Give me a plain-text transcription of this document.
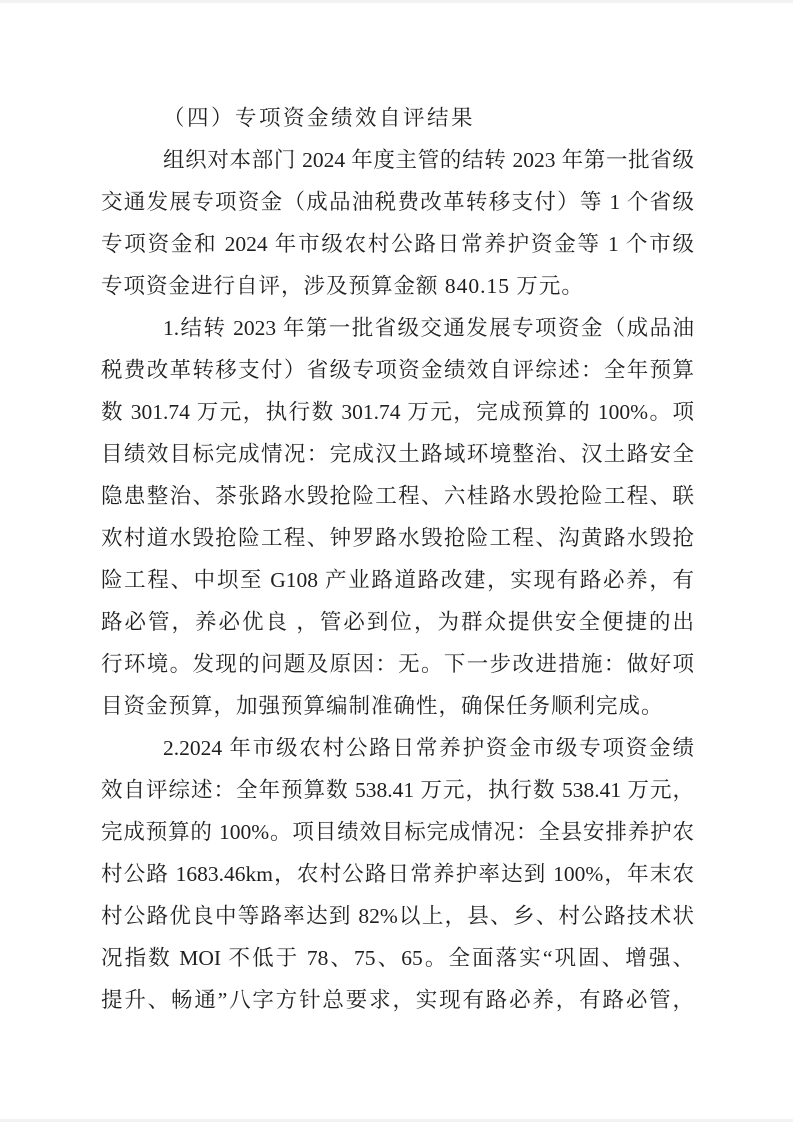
（四）专项资金绩效自评结果
组织对本部门 2024 年度主管的结转 2023 年第一批省级
交通发展专项资金（成品油税费改革转移支付）等 1 个省级
专项资金和 2024 年市级农村公路日常养护资金等 1 个市级
专项资金进行自评，涉及预算金额 840.15 万元。
1.结转 2023 年第一批省级交通发展专项资金（成品油
税费改革转移支付）省级专项资金绩效自评综述：全年预算
数 301.74 万元，执行数 301.74 万元，完成预算的 100%。项
目绩效目标完成情况：完成汉土路域环境整治、汉土路安全
隐患整治、茶张路水毁抢险工程、六桂路水毁抢险工程、联
欢村道水毁抢险工程、钟罗路水毁抢险工程、沟黄路水毁抢
险工程、中坝至 G108 产业路道路改建，实现有路必养，有
路必管，养必优良 ，管必到位，为群众提供安全便捷的出
行环境。发现的问题及原因：无。下一步改进措施：做好项
目资金预算，加强预算编制准确性，确保任务顺利完成。
2.2024 年市级农村公路日常养护资金市级专项资金绩
效自评综述：全年预算数 538.41 万元，执行数 538.41 万元，
完成预算的 100%。项目绩效目标完成情况：全县安排养护农
村公路 1683.46km，农村公路日常养护率达到 100%，年末农
村公路优良中等路率达到 82%以上，县、乡、村公路技术状
况指数 MOI 不低于 78、75、65。全面落实“巩固、增强、
提升、畅通”八字方针总要求，实现有路必养，有路必管，
